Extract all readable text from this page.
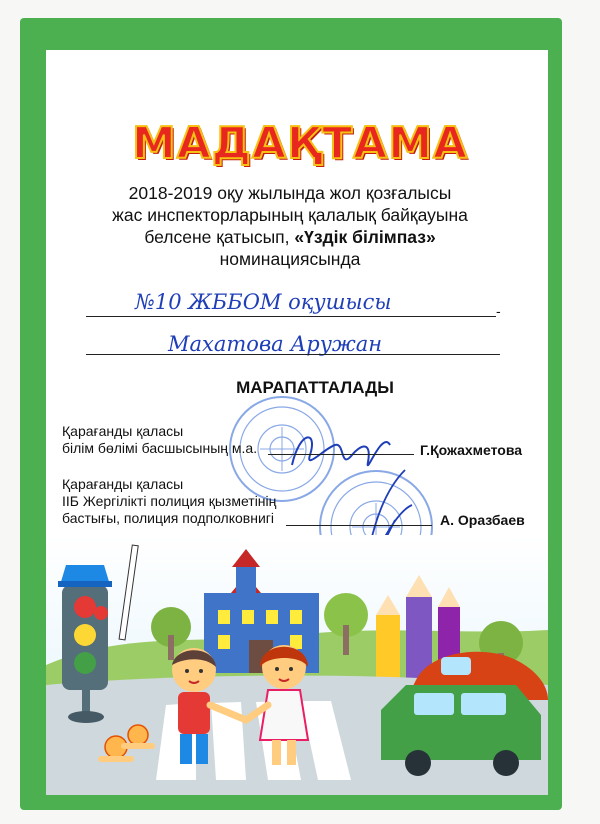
МАДАҚТАМА
2018-2019 оқу жылында жол қозғалысы
жас инспекторларының қалалық байқауына
белсене қатысып, «Үздік білімпаз»
номинациясында
№10 ЖББОМ оқушысы	-
Махатова Аружан
МАРАПАТТАЛАДЫ
Қарағанды қаласы
білім бөлімі басшысының м.а.	Г.Қожахметова
Қарағанды қаласы
ІІБ Жергілікті полиция қызметінің
бастығы, полиция подполковнигі	А. Оразбаев
